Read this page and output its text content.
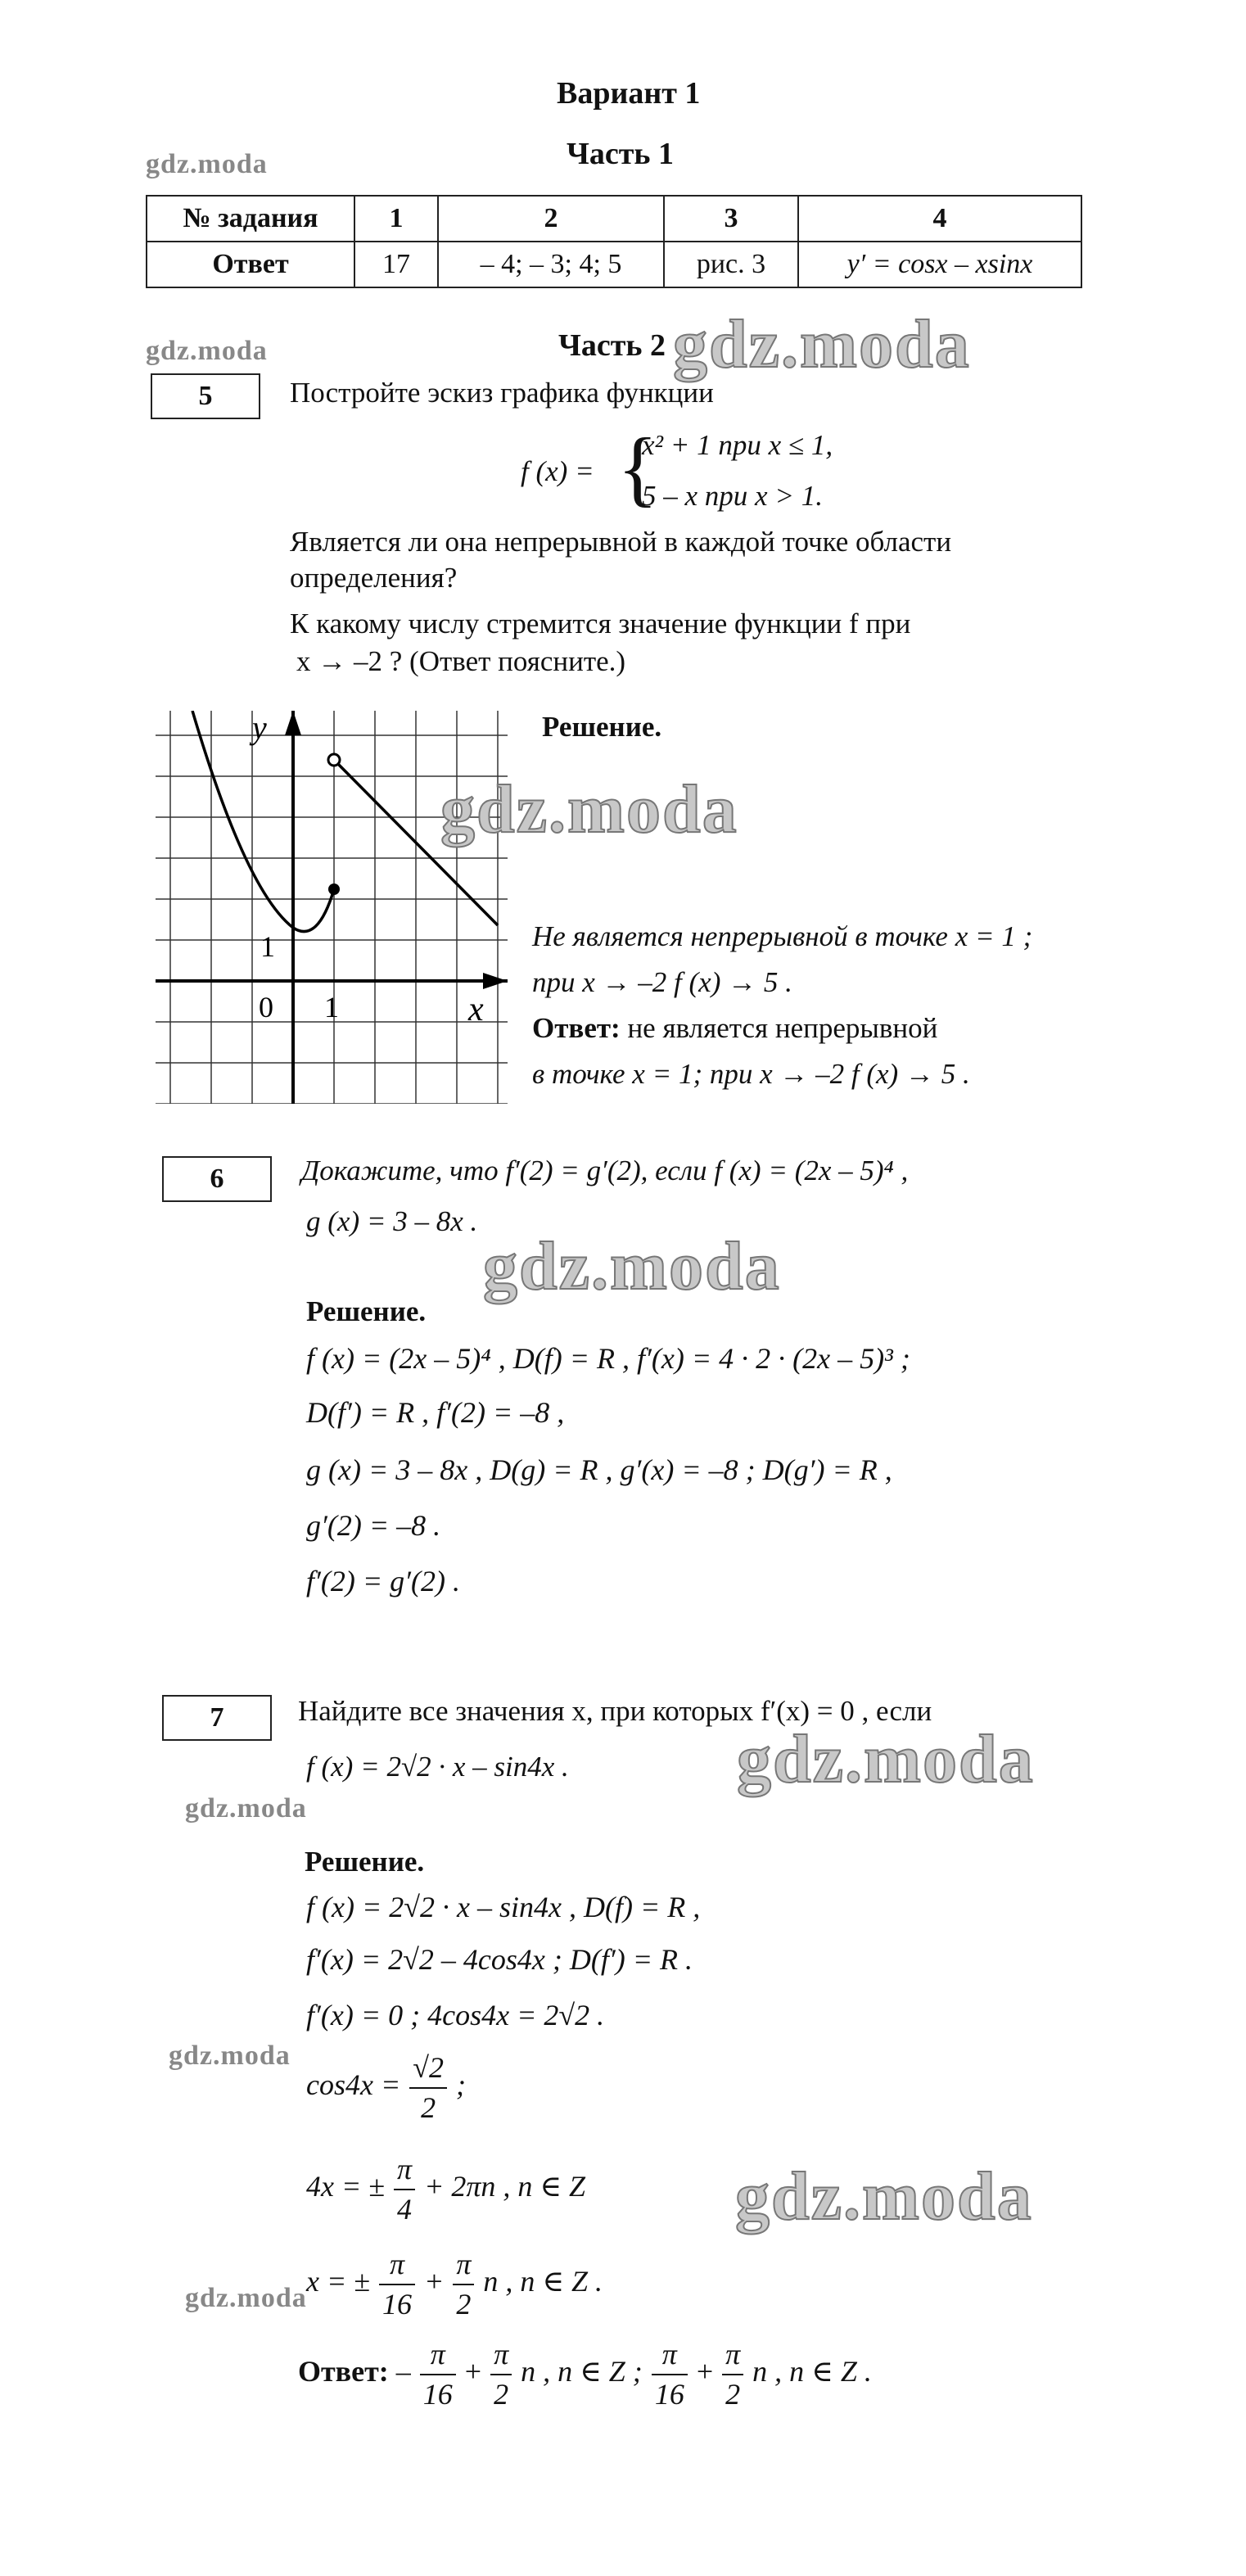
Вариант 1
Часть 1
gdz.moda
№ задания	1	2	3	4
Ответ	17	– 4; – 3; 4; 5	рис. 3	y′ = cosx – xsinx
gdz.moda	Часть 2 gdz.moda
5	Постройте эскиз графика функции
f (x) = {
x² + 1 при x ≤ 1,
5 – x при x > 1.
Является ли она непрерывной в каждой точке области определения?
К какому числу стремится значение функции f при
x → –2 ? (Ответ поясните.)
y
x
0 1
1
Решение.
gdz.moda
Не является непрерывной в точке x = 1 ;
при x → –2 f (x) → 5 .
Ответ: не является непрерывной
в точке x = 1; при x → –2 f (x) → 5 .
6	Докажите, что f′(2) = g′(2), если f (x) = (2x – 5)⁴ ,
g (x) = 3 – 8x .
gdz.moda
Решение.
f (x) = (2x – 5)⁴ , D(f) = R , f′(x) = 4 · 2 · (2x – 5)³ ;
D(f′) = R , f′(2) = –8 ,
g (x) = 3 – 8x , D(g) = R , g′(x) = –8 ; D(g′) = R ,
g′(2) = –8 .
f′(2) = g′(2) .
7	Найдите все значения x, при которых f′(x) = 0 , если
f (x) = 2√2 · x – sin4x . gdz.moda
gdz.moda
Решение.
f (x) = 2√2 · x – sin4x , D(f) = R ,
f′(x) = 2√2 – 4cos4x ; D(f′) = R .
f′(x) = 0 ; 4cos4x = 2√2 .
gdz.moda
$\cos 4x = \frac{√2}{2}$ ;
4x = ± $\frac{\pi}{4} + 2\pi n$ , n ∈ Z gdz.moda
x = ± $\frac{\pi}{16} + \frac{\pi}{2}$ n , n ∈ Z .
gdz.moda
Ответ: – $\frac{\pi}{16} + \frac{\pi}{2}$ n , n ∈ Z ; $\frac{\pi}{16} + \frac{\pi}{2}$ n , n ∈ Z .
